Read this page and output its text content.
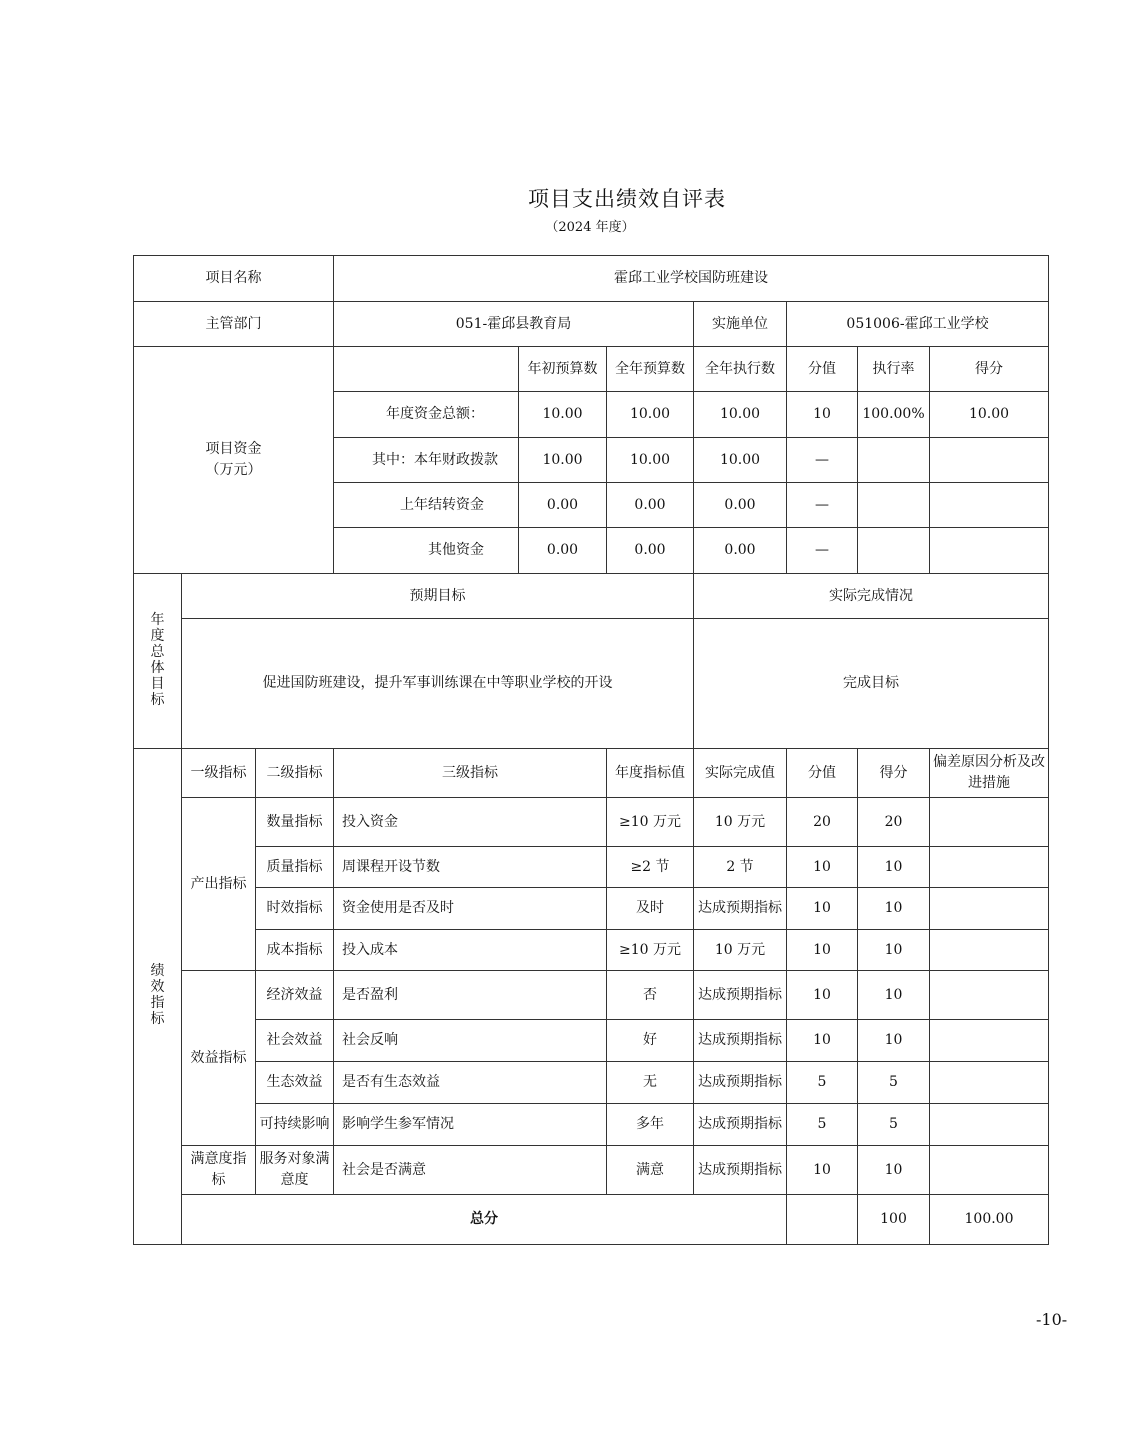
项目支出绩效自评表
（2024 年度）
项目名称			霍邱工业学校国防班建设							
主管部门			051-霍邱县教育局			实施单位	051006-霍邱工业学校			
项目资金（万元）				年初预算数	全年预算数	全年执行数	分值	执行率	得分	
			年度资金总额：	10.00	10.00	10.00	10	100.00%	10.00	
			其中：本年财政拨款	10.00	10.00	10.00	—			
			上年结转资金	0.00	0.00	0.00	—			
			其他资金	0.00	0.00	0.00	—			
年度总体目标	预期目标					实际完成情况				
	促进国防班建设，提升军事训练课在中等职业学校的开设					完成目标				
绩效指标	一级指标	二级指标	三级指标		年度指标值	实际完成值	分值	得分	偏差原因分析及改进措施	
	产出指标	数量指标	投入资金		≥10 万元	10 万元	20	20		
		质量指标	周课程开设节数		≥2 节	2 节	10	10		
		时效指标	资金使用是否及时		及时	达成预期指标	10	10		
		成本指标	投入成本		≥10 万元	10 万元	10	10		
	效益指标	经济效益	是否盈利		否	达成预期指标	10	10		
		社会效益	社会反响		好	达成预期指标	10	10		
		生态效益	是否有生态效益		无	达成预期指标	5	5		
		可持续影响	影响学生参军情况		多年	达成预期指标	5	5		
	满意度指标	服务对象满意度	社会是否满意		满意	达成预期指标	10	10		
	总分							100	100.00	
-10-
